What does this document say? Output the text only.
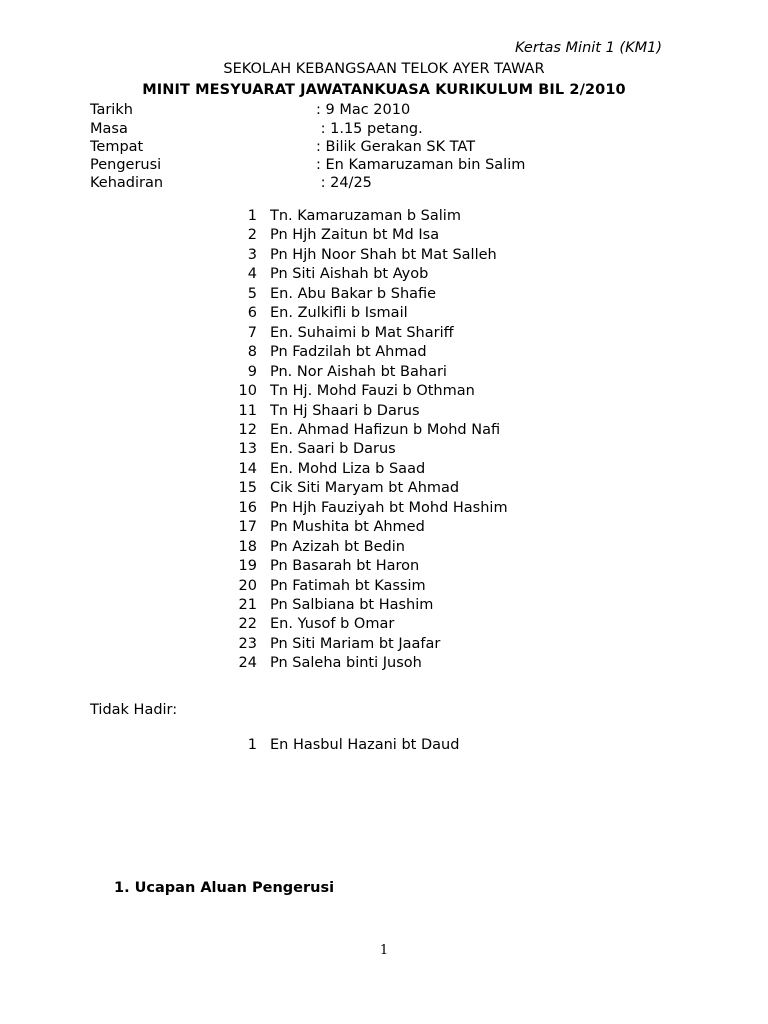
Kertas Minit 1 (KM1)
SEKOLAH KEBANGSAAN TELOK AYER TAWAR
MINIT MESYUARAT JAWATANKUASA KURIKULUM BIL 2/2010
Tarikh	: 9 Mac 2010
Masa	: 1.15 petang.
Tempat	: Bilik Gerakan SK TAT
Pengerusi	: En Kamaruzaman bin Salim
Kehadiran	: 24/25
1 Tn. Kamaruzaman b Salim
2 Pn Hjh Zaitun bt Md Isa
3 Pn Hjh Noor Shah bt Mat Salleh
4 Pn Siti Aishah bt Ayob
5 En. Abu Bakar b Shafie
6 En. Zulkifli b Ismail
7 En. Suhaimi b Mat Shariff
8 Pn Fadzilah bt Ahmad
9 Pn. Nor Aishah bt Bahari
10 Tn Hj. Mohd Fauzi b Othman
11 Tn Hj Shaari b Darus
12 En. Ahmad Hafizun b Mohd Nafi
13 En. Saari b Darus
14 En. Mohd Liza b Saad
15 Cik Siti Maryam bt Ahmad
16 Pn Hjh Fauziyah bt Mohd Hashim
17 Pn Mushita bt Ahmed
18 Pn Azizah bt Bedin
19 Pn Basarah bt Haron
20 Pn Fatimah bt Kassim
21 Pn Salbiana bt Hashim
22 En. Yusof b Omar
23 Pn Siti Mariam bt Jaafar
24 Pn Saleha binti Jusoh
Tidak Hadir:
1 En Hasbul Hazani bt Daud
1. Ucapan Aluan Pengerusi
1
